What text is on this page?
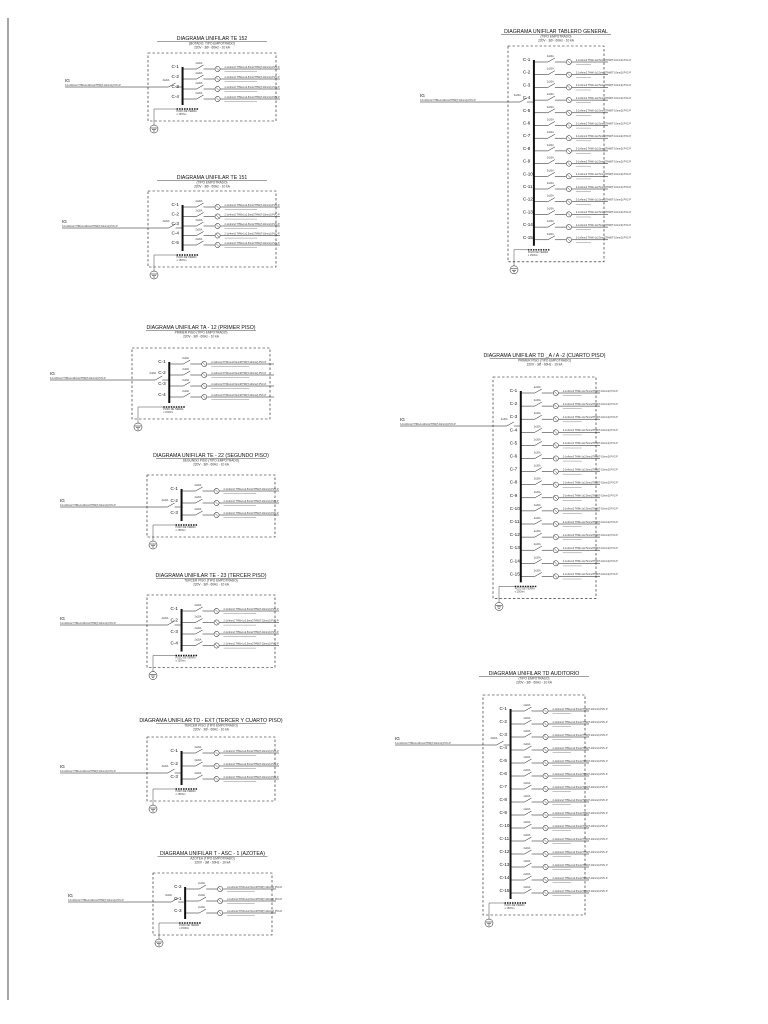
DIAGRAMA UNIFILAR TE 152
(BOTADO, TIPO EMPOTRADO)
220V - 3Ø - 60Hz - 10 kA
IG
3-1x10mm2 THW+1x10mm2THW(T-10mm2) PVC-P
3x20A
C-1
2x20A
2-1x4mm2 THW+1x2.5mm2THW(T-10mm2) PVC-P
C-2
2x20A
2-1x4mm2 THW+1x2.5mm2THW(T-10mm2) PVC-P
C-3
2x20A
2-1x4mm2 THW+1x2.5mm2THW(T-10mm2) PVC-P
C-4
2x20A
2-1x4mm2 THW+1x2.5mm2THW(T-10mm2) PVC-P
POZO DE TIERRA
≤ 15Ohm
DIAGRAMA UNIFILAR TE 151
(TIPO EMPOTRADO)
220V - 3Ø - 60Hz - 10 kA
IG
3-1x10mm2 THW+1x10mm2THW(T-10mm2) PVC-P
3x20A
C-1
2x20A
2-1x4mm2 THW+1x2.5mm2THW(T-10mm2) PVC-P
C-2
2x20A
2-1x4mm2 THW+1x2.5mm2THW(T-10mm2) PVC-P
C-3
2x20A
2-1x4mm2 THW+1x2.5mm2THW(T-10mm2) PVC-P
C-4
2x20A
2-1x4mm2 THW+1x2.5mm2THW(T-10mm2) PVC-P
C-5
2x20A
2-1x4mm2 THW+1x2.5mm2THW(T-10mm2) PVC-P
POZO DE TIERRA
≤ 15Ohm
DIAGRAMA UNIFILAR TA - 12 (PRIMER PISO)
PRIMER PISO (TIPO EMPOTRADO)
220V - 3Ø - 60Hz - 10 kA
IG
3-1x10mm2 THW+1x10mm2THW(T-10mm2) PVC-P
3x20A
C-1
2x20A
2-1x4mm2 THW+1x2.5mm2THW(T-10mm2) PVC-P
C-2
2x20A
2-1x4mm2 THW+1x2.5mm2THW(T-10mm2) PVC-P
C-3
2x20A
2-1x4mm2 THW+1x2.5mm2THW(T-10mm2) PVC-P
C-4
2x20A
2-1x4mm2 THW+1x2.5mm2THW(T-10mm2) PVC-P
POZO DE TIERRA
≤ 15Ohm
DIAGRAMA UNIFILAR TE - 22 (SEGUNDO PISO)
SEGUNDO PISO (TIPO EMPOTRADO)
220V - 3Ø - 60Hz - 10 kA
IG
3-1x10mm2 THW+1x10mm2THW(T-10mm2) PVC-P
3x20A
C-1
2x20A
2-1x4mm2 THW+1x2.5mm2THW(T-10mm2) PVC-P
C-2
2x20A
2-1x4mm2 THW+1x2.5mm2THW(T-10mm2) PVC-P
C-3
2x20A
2-1x4mm2 THW+1x2.5mm2THW(T-10mm2) PVC-P
POZO DE TIERRA
≤ 15Ohm
DIAGRAMA UNIFILAR TE - 23 (TERCER PISO)
TERCER PISO (TIPO EMPOTRADO)
220V - 3Ø - 60Hz - 10 kA
IG
3-1x10mm2 THW+1x10mm2THW(T-10mm2) PVC-P
3x20A
C-1
2x20A
2-1x4mm2 THW+1x2.5mm2THW(T-10mm2) PVC-P
C-2
2x20A
2-1x4mm2 THW+1x2.5mm2THW(T-10mm2) PVC-P
C-3
2x20A
2-1x4mm2 THW+1x2.5mm2THW(T-10mm2) PVC-P
C-4
2x20A
2-1x4mm2 THW+1x2.5mm2THW(T-10mm2) PVC-P
POZO DE TIERRA
≤ 15Ohm
DIAGRAMA UNIFILAR TD - EXT (TERCER Y CUARTO PISO)
TERCER PISO (TIPO EMPOTRADO)
220V - 3Ø - 60Hz - 10 kA
IG
3-1x10mm2 THW+1x10mm2THW(T-10mm2) PVC-P
3x20A
C-1
2x20A
2-1x4mm2 THW+1x2.5mm2THW(T-10mm2) PVC-P
C-2
2x20A
2-1x4mm2 THW+1x2.5mm2THW(T-10mm2) PVC-P
C-3
2x20A
2-1x4mm2 THW+1x2.5mm2THW(T-10mm2) PVC-P
POZO DE TIERRA
≤ 15Ohm
DIAGRAMA UNIFILAR T - ASC - 1 (AZOTEA)
AZOTEA (TIPO EMPOTRADO)
220V - 3Ø - 60Hz - 10 kA
IG
3-1x10mm2 THW+1x10mm2THW(T-10mm2) PVC-P
3x20A
C-2
2x20A
2-1x4mm2 THW+1x2.5mm2THW(T-10mm2) PVC-P
C-1
2x20A
2-1x4mm2 THW+1x2.5mm2THW(T-10mm2) PVC-P
C-3
2x20A
2-1x4mm2 THW+1x2.5mm2THW(T-10mm2) PVC-P
POZO DE TIERRA
≤ 15Ohm
DIAGRAMA UNIFILAR TABLERO GENERAL
(TIPO EMPOTRADO)
220V - 3Ø - 60Hz - 10 kA
IG
3-1x10mm2 THW+1x10mm2THW(T-10mm2) PVC-P
3x20A
C-1
2x20A
2-1x4mm2 THW+1x2.5mm2THW(T-10mm2) PVC-P
C-2
2x20A
2-1x4mm2 THW+1x2.5mm2THW(T-10mm2) PVC-P
C-3
2x20A
2-1x4mm2 THW+1x2.5mm2THW(T-10mm2) PVC-P
C-4
2x20A
2-1x4mm2 THW+1x2.5mm2THW(T-10mm2) PVC-P
C-5
2x20A
2-1x4mm2 THW+1x2.5mm2THW(T-10mm2) PVC-P
C-6
2x20A
2-1x4mm2 THW+1x2.5mm2THW(T-10mm2) PVC-P
C-7
2x20A
2-1x4mm2 THW+1x2.5mm2THW(T-10mm2) PVC-P
C-8
2x20A
2-1x4mm2 THW+1x2.5mm2THW(T-10mm2) PVC-P
C-9
2x20A
2-1x4mm2 THW+1x2.5mm2THW(T-10mm2) PVC-P
C-10
2x20A
2-1x4mm2 THW+1x2.5mm2THW(T-10mm2) PVC-P
C-11
2x20A
2-1x4mm2 THW+1x2.5mm2THW(T-10mm2) PVC-P
C-12
2x20A
2-1x4mm2 THW+1x2.5mm2THW(T-10mm2) PVC-P
C-13
2x20A
2-1x4mm2 THW+1x2.5mm2THW(T-10mm2) PVC-P
C-14
2x20A
2-1x4mm2 THW+1x2.5mm2THW(T-10mm2) PVC-P
C-15
2x20A
2-1x4mm2 THW+1x2.5mm2THW(T-10mm2) PVC-P
POZO DE TIERRA
≤ 15Ohm
DIAGRAMA UNIFILAR TD _A / A -2 (CUARTO PISO)
PRIMER PISO (TIPO EMPOTRADO)
220V - 3Ø - 60Hz - 10 kA
IG
3-1x10mm2 THW+1x10mm2THW(T-10mm2) PVC-P
3x20A
C-1
2x20A
2-1x4mm2 THW+1x2.5mm2THW(T-10mm2) PVC-P
C-2
2x20A
2-1x4mm2 THW+1x2.5mm2THW(T-10mm2) PVC-P
C-3
2x20A
2-1x4mm2 THW+1x2.5mm2THW(T-10mm2) PVC-P
C-4
2x20A
2-1x4mm2 THW+1x2.5mm2THW(T-10mm2) PVC-P
C-5
2x20A
2-1x4mm2 THW+1x2.5mm2THW(T-10mm2) PVC-P
C-6
2x20A
2-1x4mm2 THW+1x2.5mm2THW(T-10mm2) PVC-P
C-7
2x20A
2-1x4mm2 THW+1x2.5mm2THW(T-10mm2) PVC-P
C-8
2x20A
2-1x4mm2 THW+1x2.5mm2THW(T-10mm2) PVC-P
C-9
2x20A
2-1x4mm2 THW+1x2.5mm2THW(T-10mm2) PVC-P
C-10
2x20A
2-1x4mm2 THW+1x2.5mm2THW(T-10mm2) PVC-P
C-11
2x20A
2-1x4mm2 THW+1x2.5mm2THW(T-10mm2) PVC-P
C-12
2x20A
2-1x4mm2 THW+1x2.5mm2THW(T-10mm2) PVC-P
C-13
2x20A
2-1x4mm2 THW+1x2.5mm2THW(T-10mm2) PVC-P
C-14
2x20A
2-1x4mm2 THW+1x2.5mm2THW(T-10mm2) PVC-P
C-15
2x20A
2-1x4mm2 THW+1x2.5mm2THW(T-10mm2) PVC-P
POZO DE TIERRA
≤ 15Ohm
DIAGRAMA UNIFILAR TD AUDITORIO
(TIPO EMPOTRADO)
220V - 3Ø - 60Hz - 10 kA
IG
3-1x10mm2 THW+1x10mm2THW(T-10mm2) PVC-P
3x20A
C-1
2x20A
2-1x4mm2 THW+1x2.5mm2THW(T-10mm2) PVC-P
C-2
2x20A
2-1x4mm2 THW+1x2.5mm2THW(T-10mm2) PVC-P
C-3
2x20A
2-1x4mm2 THW+1x2.5mm2THW(T-10mm2) PVC-P
C-4
2x20A
2-1x4mm2 THW+1x2.5mm2THW(T-10mm2) PVC-P
C-5
2x20A
2-1x4mm2 THW+1x2.5mm2THW(T-10mm2) PVC-P
C-6
2x20A
2-1x4mm2 THW+1x2.5mm2THW(T-10mm2) PVC-P
C-7
2x20A
2-1x4mm2 THW+1x2.5mm2THW(T-10mm2) PVC-P
C-8
2x20A
2-1x4mm2 THW+1x2.5mm2THW(T-10mm2) PVC-P
C-9
2x20A
2-1x4mm2 THW+1x2.5mm2THW(T-10mm2) PVC-P
C-10
2x20A
2-1x4mm2 THW+1x2.5mm2THW(T-10mm2) PVC-P
C-11
2x20A
2-1x4mm2 THW+1x2.5mm2THW(T-10mm2) PVC-P
C-12
2x20A
2-1x4mm2 THW+1x2.5mm2THW(T-10mm2) PVC-P
C-13
2x20A
2-1x4mm2 THW+1x2.5mm2THW(T-10mm2) PVC-P
C-14
2x20A
2-1x4mm2 THW+1x2.5mm2THW(T-10mm2) PVC-P
C-15
2x20A
2-1x4mm2 THW+1x2.5mm2THW(T-10mm2) PVC-P
POZO DE TIERRA
≤ 15Ohm
